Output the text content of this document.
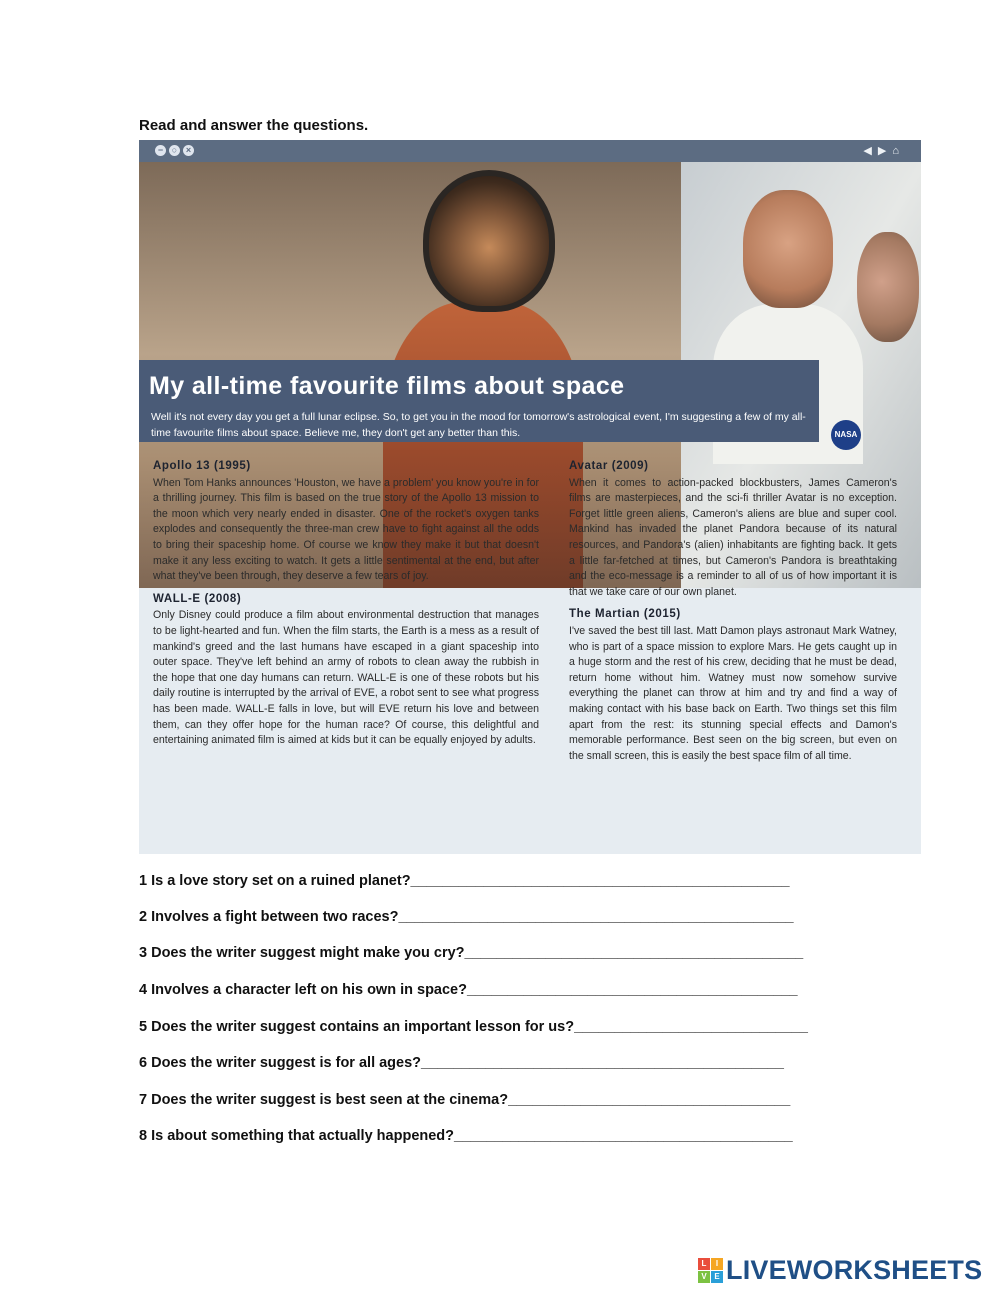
Read and answer the questions.
− ○ ×	◀ ▶ ⌂
My all-time favourite films about space

Well it's not every day you get a full lunar eclipse. So, to get you in the mood for tomorrow's astrological event, I'm suggesting a few of my all-time favourite films about space. Believe me, they don't get any better than this.	NASA
Apollo 13 (1995)

When Tom Hanks announces 'Houston, we have a problem' you know you're in for a thrilling journey. This film is based on the true story of the Apollo 13 mission to the moon which very nearly ended in disaster. One of the rocket's oxygen tanks explodes and consequently the three-man crew have to fight against all the odds to bring their spaceship home. Of course we know they make it but that doesn't make it any less exciting to watch. It gets a little sentimental at the end, but after what they've been through, they deserve a few tears of joy.

WALL-E (2008)

Only Disney could produce a film about environmental destruction that manages to be light-hearted and fun. When the film starts, the Earth is a mess as a result of mankind's greed and the last humans have escaped in a giant spaceship into outer space. They've left behind an army of robots to clean away the rubbish in the hope that one day humans can return. WALL-E is one of these robots but his daily routine is interrupted by the arrival of EVE, a robot sent to see what progress has been made. WALL-E falls in love, but will EVE return his love and between them, can they offer hope for the human race? Of course, this delightful and entertaining animated film is aimed at kids but it can be equally enjoyed by adults.

Avatar (2009)

When it comes to action-packed blockbusters, James Cameron's films are masterpieces, and the sci-fi thriller Avatar is no exception. Forget little green aliens, Cameron's aliens are blue and super cool. Mankind has invaded the planet Pandora because of its natural resources, and Pandora's (alien) inhabitants are fighting back. It gets a little far-fetched at times, but Cameron's Pandora is breathtaking and the eco-message is a reminder to all of us of how important it is that we take care of our own planet.

The Martian (2015)

I've saved the best till last. Matt Damon plays astronaut Mark Watney, who is part of a space mission to explore Mars. He gets caught up in a huge storm and the rest of his crew, deciding that he must be dead, return home without him. Watney must now somehow survive everything the planet can throw at him and try and find a way of making contact with his base back on Earth. Two things set this film apart from the rest: its stunning special effects and Damon's memorable performance. Best seen on the big screen, but even on the small screen, this is easily the best space film of all time.

1 Is a love story set on a ruined planet?_______________________________________________
2 Involves a fight between two races?_________________________________________________
3 Does the writer suggest might make you cry?__________________________________________
4 Involves a character left on his own in space?_________________________________________
5 Does the writer suggest contains an important lesson for us?_____________________________
6 Does the writer suggest is for all ages?_____________________________________________
7 Does the writer suggest is best seen at the cinema?___________________________________
8 Is about something that actually happened?__________________________________________
L	I
V E LIVEWORKSHEETS
